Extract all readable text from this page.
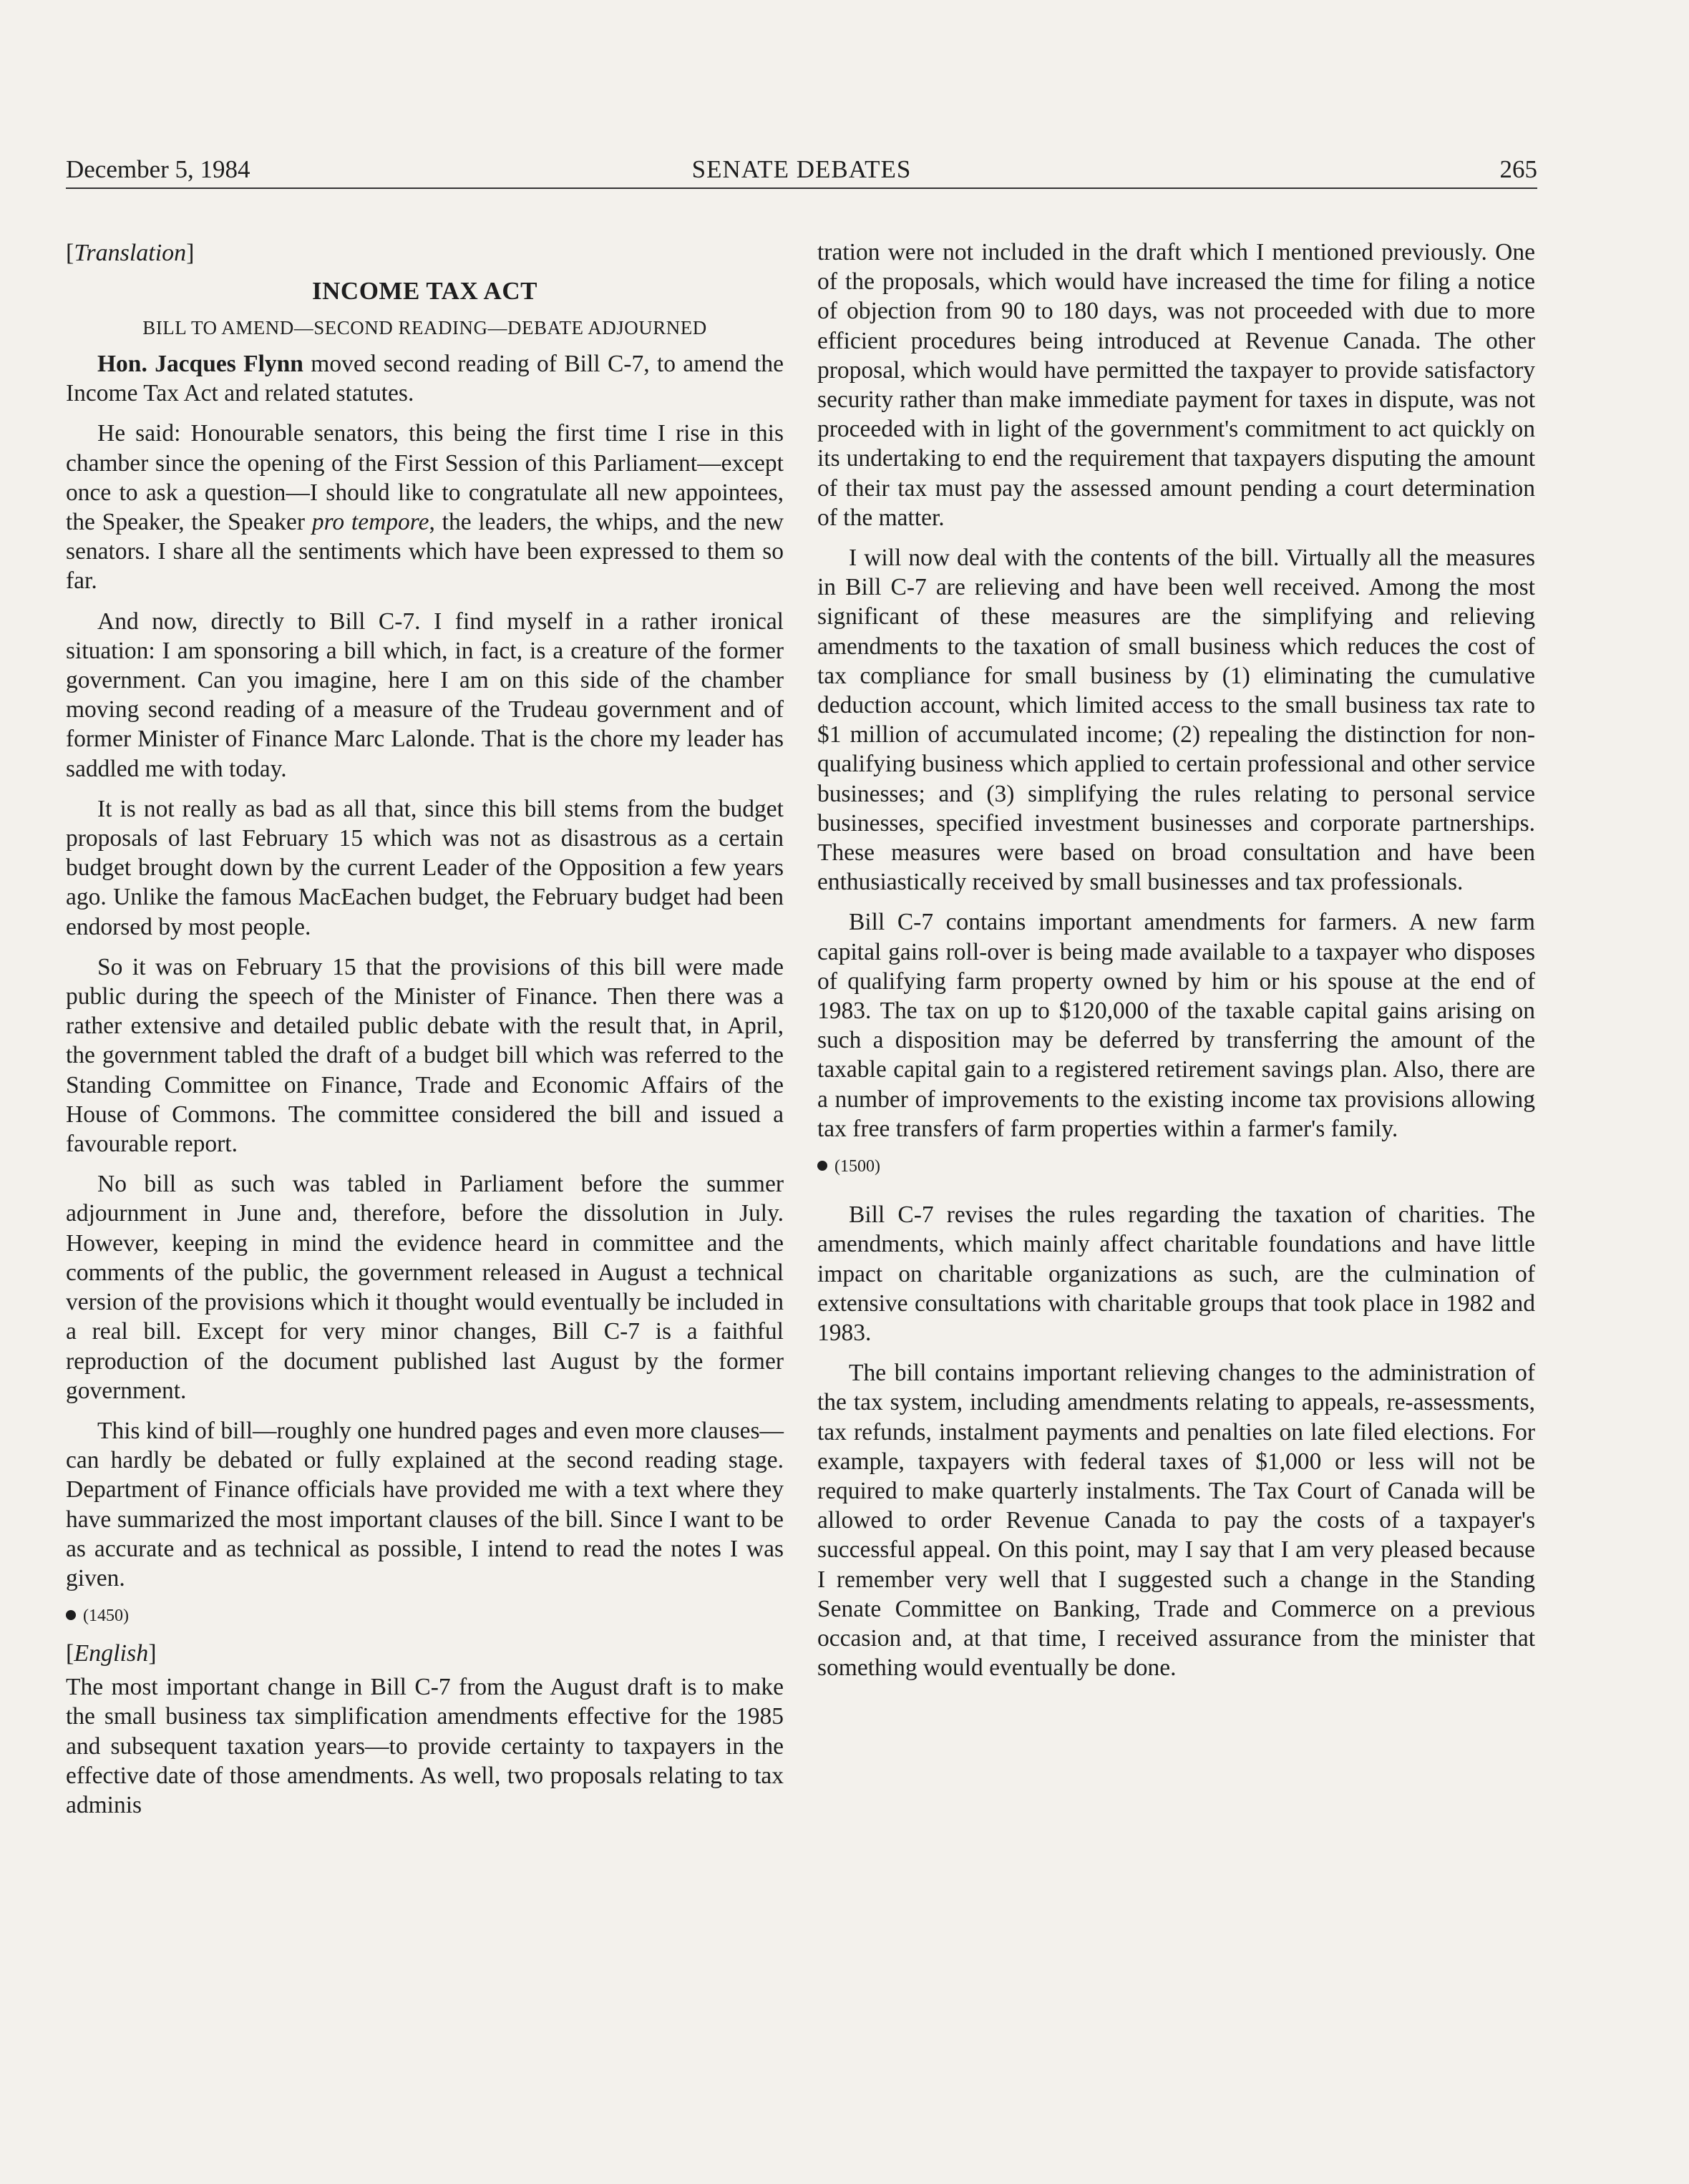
December 5, 1984	SENATE DEBATES	265
[Translation]
INCOME TAX ACT
BILL TO AMEND—SECOND READING—DEBATE ADJOURNED

Hon. Jacques Flynn moved second reading of Bill C-7, to amend the Income Tax Act and related statutes.

He said: Honourable senators, this being the first time I rise in this chamber since the opening of the First Session of this Parliament—except once to ask a question—I should like to congratulate all new appointees, the Speaker, the Speaker pro tempore, the leaders, the whips, and the new senators. I share all the sentiments which have been expressed to them so far.

And now, directly to Bill C-7. I find myself in a rather ironical situation: I am sponsoring a bill which, in fact, is a creature of the former government. Can you imagine, here I am on this side of the chamber moving second reading of a measure of the Trudeau government and of former Minister of Finance Marc Lalonde. That is the chore my leader has saddled me with today.

It is not really as bad as all that, since this bill stems from the budget proposals of last February 15 which was not as disastrous as a certain budget brought down by the current Leader of the Opposition a few years ago. Unlike the famous MacEachen budget, the February budget had been endorsed by most people.

So it was on February 15 that the provisions of this bill were made public during the speech of the Minister of Finance. Then there was a rather extensive and detailed public debate with the result that, in April, the government tabled the draft of a budget bill which was referred to the Standing Committee on Finance, Trade and Economic Affairs of the House of Commons. The committee considered the bill and issued a favourable report.

No bill as such was tabled in Parliament before the summer adjournment in June and, therefore, before the dissolution in July. However, keeping in mind the evidence heard in committee and the comments of the public, the government released in August a technical version of the provisions which it thought would eventually be included in a real bill. Except for very minor changes, Bill C-7 is a faithful reproduction of the document published last August by the former government.

This kind of bill—roughly one hundred pages and even more clauses—can hardly be debated or fully explained at the second reading stage. Department of Finance officials have provided me with a text where they have summarized the most important clauses of the bill. Since I want to be as accurate and as technical as possible, I intend to read the notes I was given.

(1450)
[English]

The most important change in Bill C-7 from the August draft is to make the small business tax simplification amendments effective for the 1985 and subsequent taxation years—to provide certainty to taxpayers in the effective date of those amendments. As well, two proposals relating to tax adminis

tration were not included in the draft which I mentioned previously. One of the proposals, which would have increased the time for filing a notice of objection from 90 to 180 days, was not proceeded with due to more efficient procedures being introduced at Revenue Canada. The other proposal, which would have permitted the taxpayer to provide satisfactory security rather than make immediate payment for taxes in dispute, was not proceeded with in light of the government's commitment to act quickly on its undertaking to end the requirement that taxpayers disputing the amount of their tax must pay the assessed amount pending a court determination of the matter.

I will now deal with the contents of the bill. Virtually all the measures in Bill C-7 are relieving and have been well received. Among the most significant of these measures are the simplifying and relieving amendments to the taxation of small business which reduces the cost of tax compliance for small business by (1) eliminating the cumulative deduction account, which limited access to the small business tax rate to $1 million of accumulated income; (2) repealing the distinction for non-qualifying business which applied to certain professional and other service businesses; and (3) simplifying the rules relating to personal service businesses, specified investment businesses and corporate partnerships. These measures were based on broad consultation and have been enthusiastically received by small businesses and tax professionals.

Bill C-7 contains important amendments for farmers. A new farm capital gains roll-over is being made available to a taxpayer who disposes of qualifying farm property owned by him or his spouse at the end of 1983. The tax on up to $120,000 of the taxable capital gains arising on such a disposition may be deferred by transferring the amount of the taxable capital gain to a registered retirement savings plan. Also, there are a number of improvements to the existing income tax provisions allowing tax free transfers of farm properties within a farmer's family.

(1500)

Bill C-7 revises the rules regarding the taxation of charities. The amendments, which mainly affect charitable foundations and have little impact on charitable organizations as such, are the culmination of extensive consultations with charitable groups that took place in 1982 and 1983.

The bill contains important relieving changes to the administration of the tax system, including amendments relating to appeals, re-assessments, tax refunds, instalment payments and penalties on late filed elections. For example, taxpayers with federal taxes of $1,000 or less will not be required to make quarterly instalments. The Tax Court of Canada will be allowed to order Revenue Canada to pay the costs of a taxpayer's successful appeal. On this point, may I say that I am very pleased because I remember very well that I suggested such a change in the Standing Senate Committee on Banking, Trade and Commerce on a previous occasion and, at that time, I received assurance from the minister that something would eventually be done.
